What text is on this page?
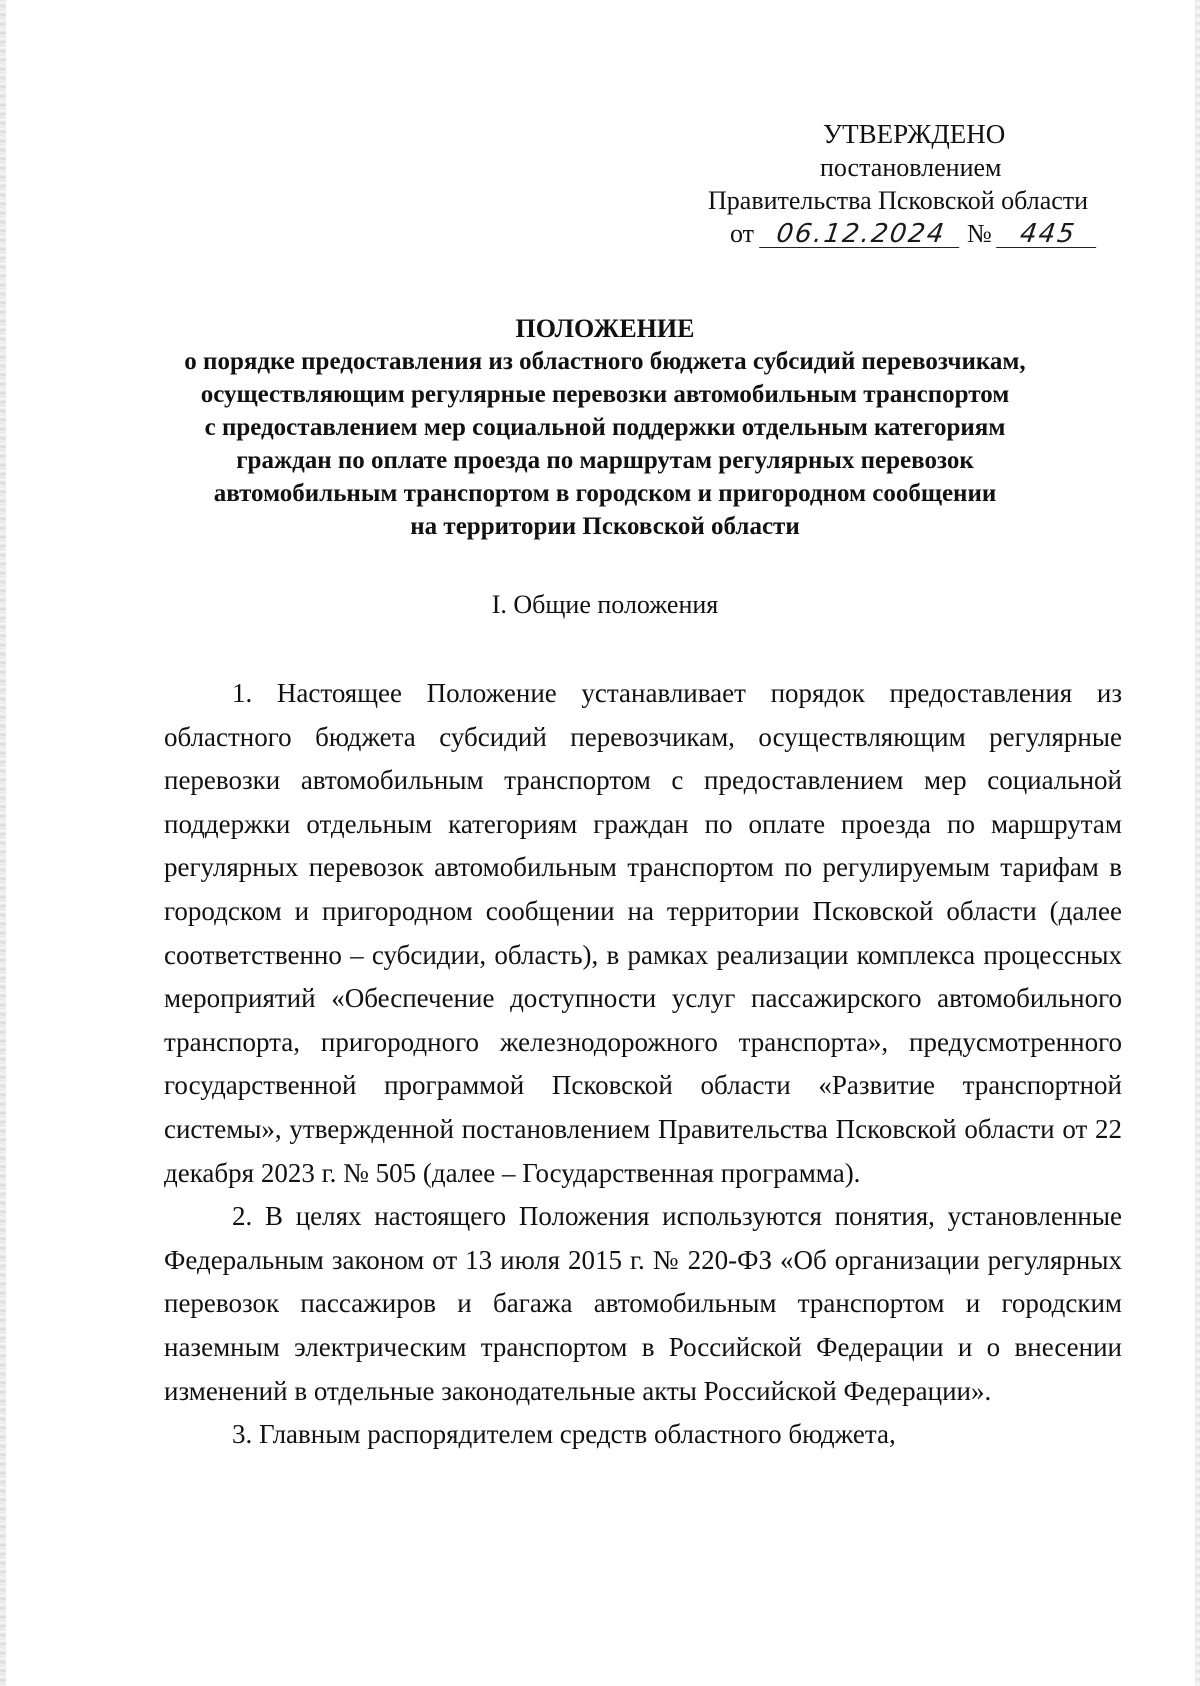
УТВЕРЖДЕНО
постановлением
Правительства Псковской области
от 06.12.2024 № 445
ПОЛОЖЕНИЕ
о порядке предоставления из областного бюджета субсидий перевозчикам,
осуществляющим регулярные перевозки автомобильным транспортом
с предоставлением мер социальной поддержки отдельным категориям
граждан по оплате проезда по маршрутам регулярных перевозок
автомобильным транспортом в городском и пригородном сообщении
на территории Псковской области
I. Общие положения

1. Настоящее Положение устанавливает порядок предоставления из областного бюджета субсидий перевозчикам, осуществляющим регулярные перевозки автомобильным транспортом с предоставлением мер социальной поддержки отдельным категориям граждан по оплате проезда по маршрутам регулярных перевозок автомобильным транспортом по регулируемым тарифам в городском и пригородном сообщении на территории Псковской области (далее соответственно – субсидии, область), в рамках реализации комплекса процессных мероприятий «Обеспечение доступности услуг пассажирского автомобильного транспорта, пригородного железнодорожного транспорта», предусмотренного государственной программой Псковской области «Развитие транспортной системы», утвержденной постановлением Правительства Псковской области от 22 декабря 2023 г. № 505 (далее – Государственная программа).

2. В целях настоящего Положения используются понятия, установленные Федеральным законом от 13 июля 2015 г. № 220-ФЗ «Об организации регулярных перевозок пассажиров и багажа автомобильным транспортом и городским наземным электрическим транспортом в Российской Федерации и о внесении изменений в отдельные законодательные акты Российской Федерации».

3. Главным распорядителем средств областного бюджета,
